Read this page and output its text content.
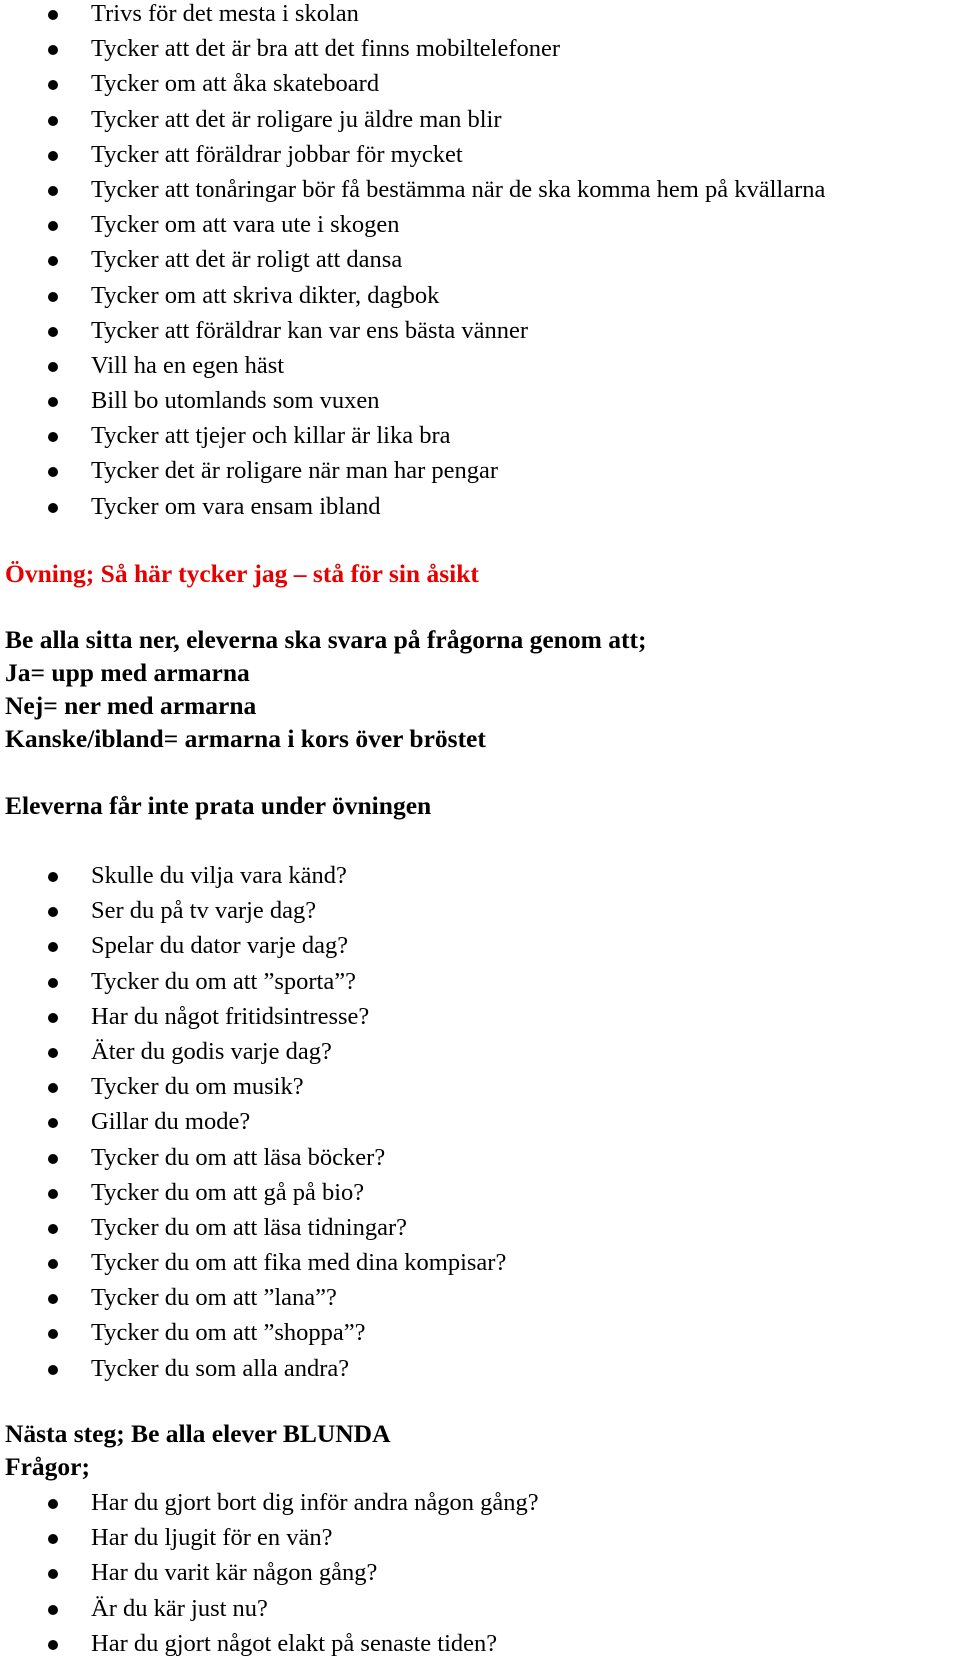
Trivs för det mesta i skolan
Tycker att det är bra att det finns mobiltelefoner
Tycker om att åka skateboard
Tycker att det är roligare ju äldre man blir
Tycker att föräldrar jobbar för mycket
Tycker att tonåringar bör få bestämma när de ska komma hem på kvällarna
Tycker om att vara ute i skogen
Tycker att det är roligt att dansa
Tycker om att skriva dikter, dagbok
Tycker att föräldrar kan var ens bästa vänner
Vill ha en egen häst
Bill bo utomlands som vuxen
Tycker att tjejer och killar är lika bra
Tycker det är roligare när man har pengar
Tycker om vara ensam ibland
Övning; Så här tycker jag – stå för sin åsikt
Be alla sitta ner, eleverna ska svara på frågorna genom att;
Ja= upp med armarna
Nej= ner med armarna
Kanske/ibland= armarna i kors över bröstet
Eleverna får inte prata under övningen
Skulle du vilja vara känd?
Ser du på tv varje dag?
Spelar du dator varje dag?
Tycker du om att ”sporta”?
Har du något fritidsintresse?
Äter du godis varje dag?
Tycker du om musik?
Gillar du mode?
Tycker du om att läsa böcker?
Tycker du om att gå på bio?
Tycker du om att läsa tidningar?
Tycker du om att fika med dina kompisar?
Tycker du om att ”lana”?
Tycker du om att ”shoppa”?
Tycker du som alla andra?
Nästa steg; Be alla elever BLUNDA
Frågor;
Har du gjort bort dig inför andra någon gång?
Har du ljugit för en vän?
Har du varit kär någon gång?
Är du kär just nu?
Har du gjort något elakt på senaste tiden?
